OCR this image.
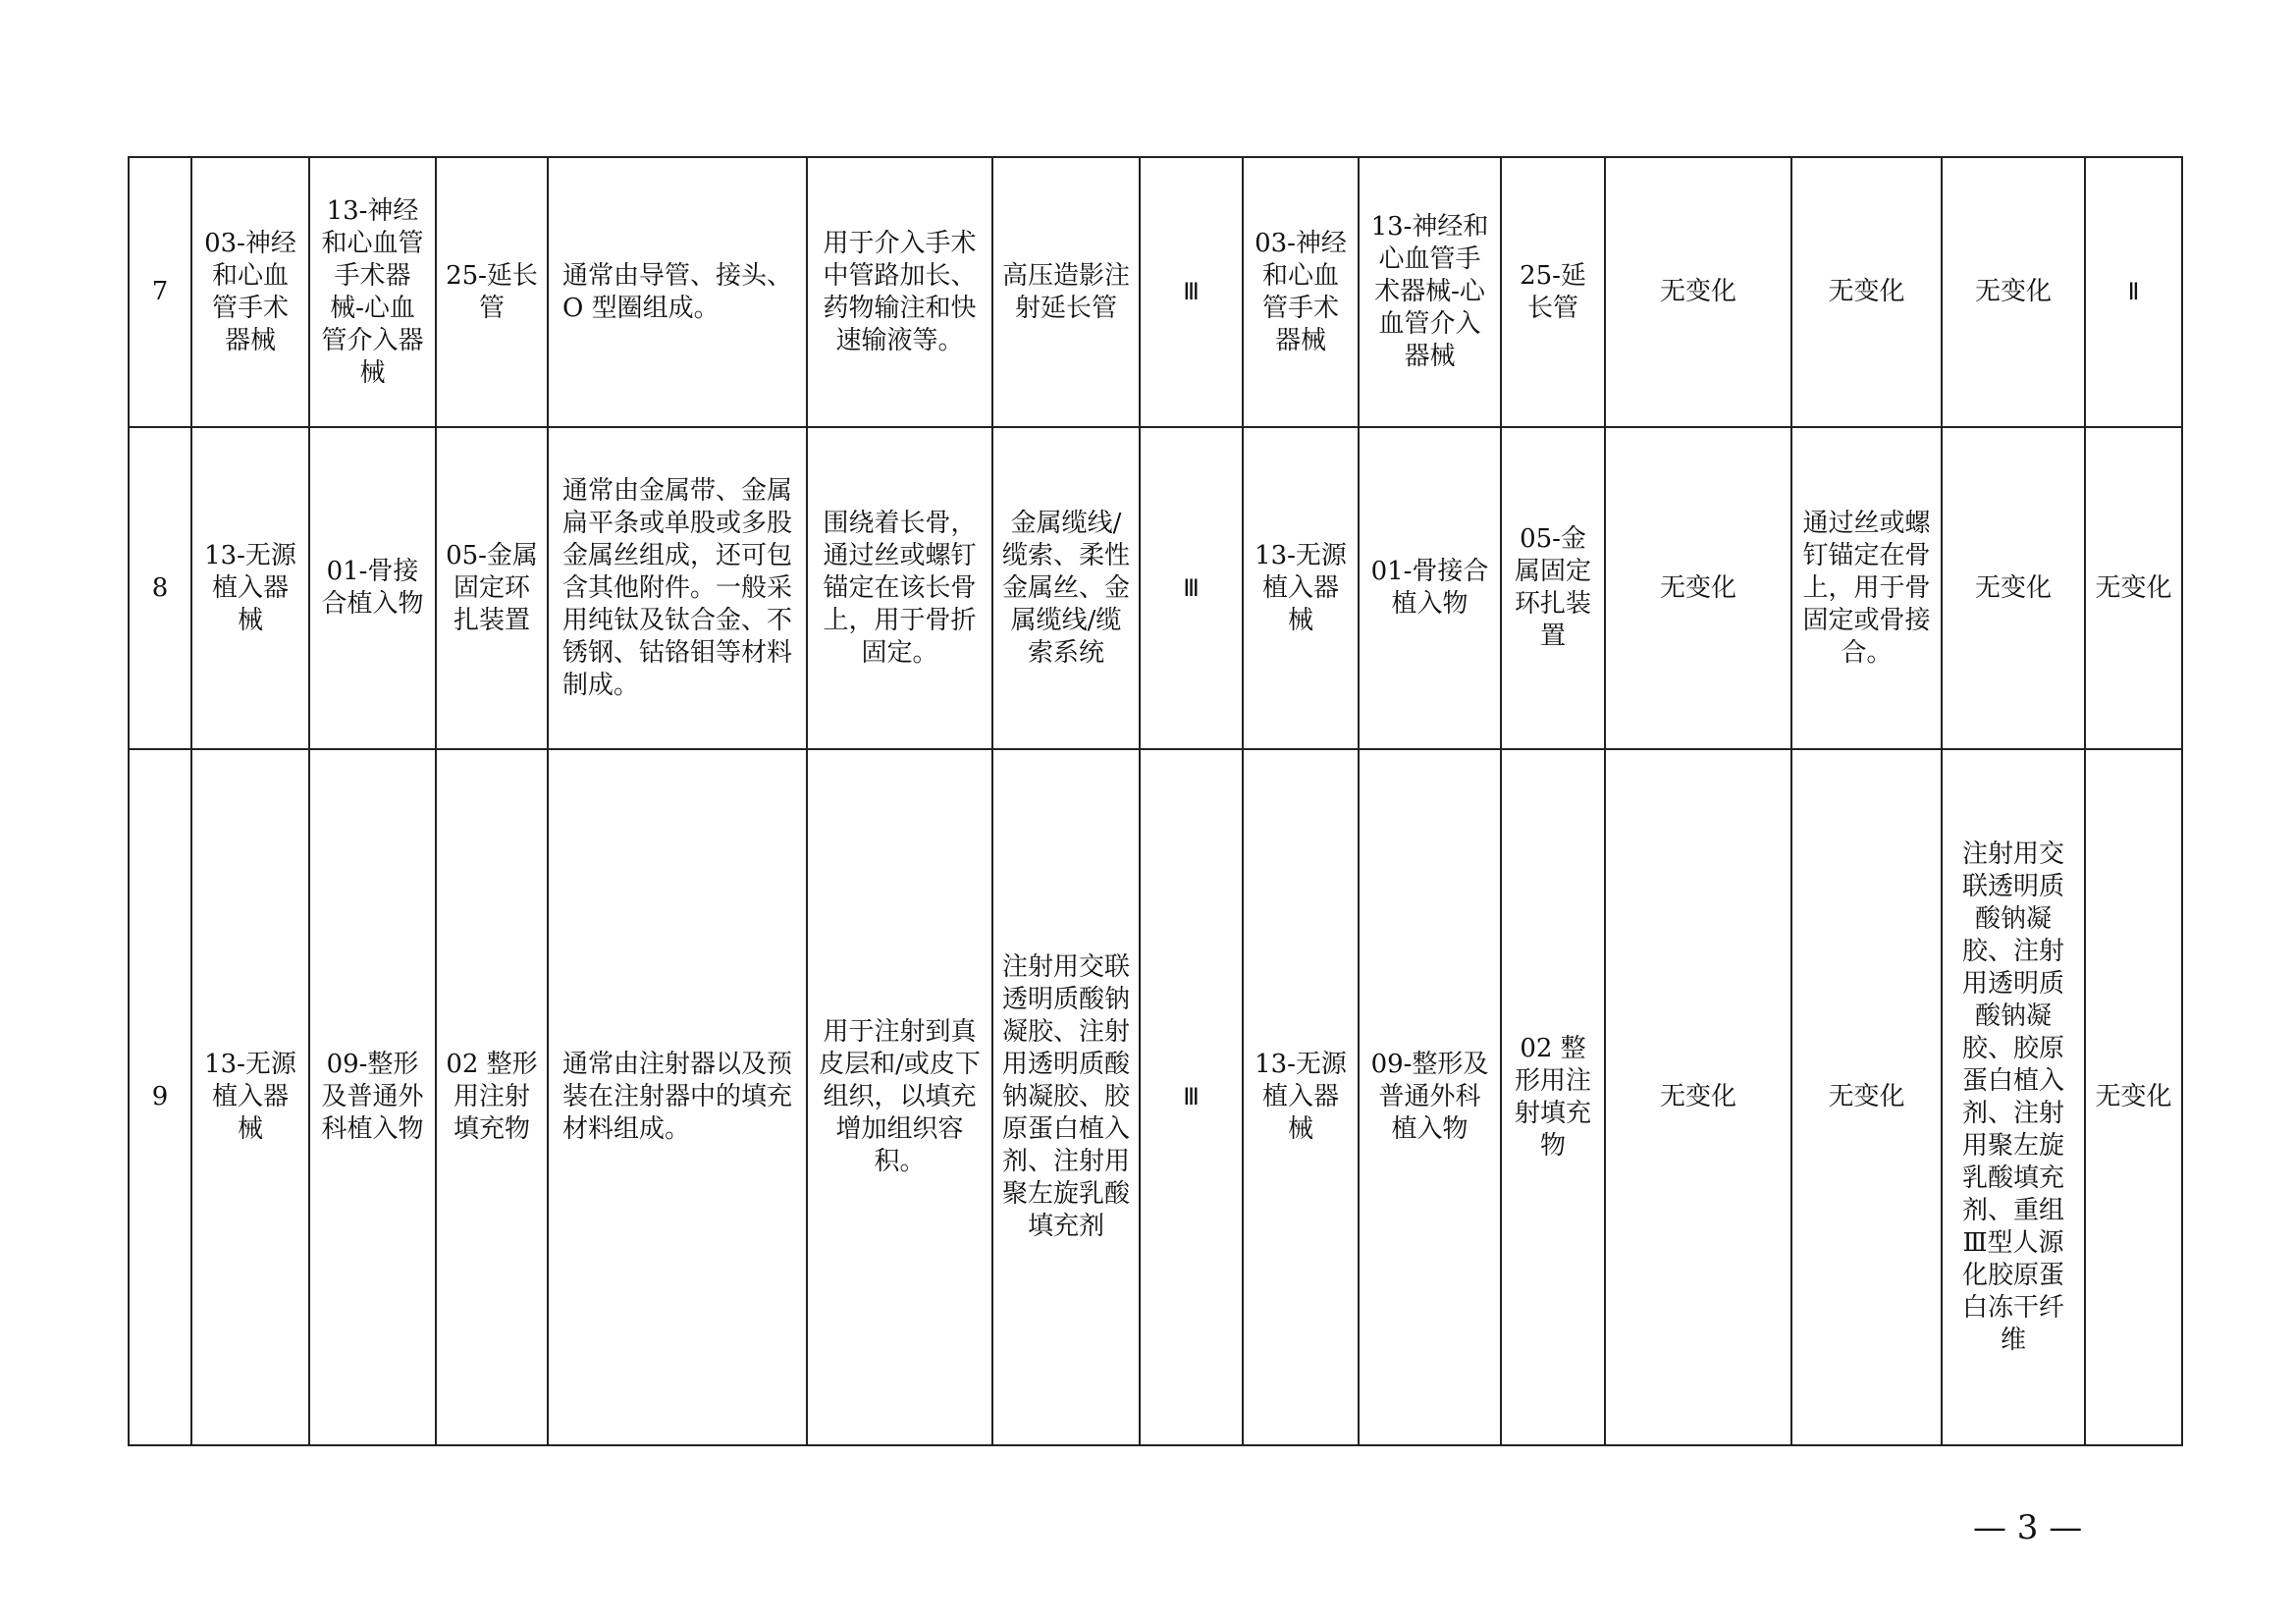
7	03-神经和心血管手术器械	13-神经和心血管手术器械-心血管介入器械	25-延长管	通常由导管、接头、O 型圈组成。	用于介入手术中管路加长、药物输注和快速输液等。	高压造影注射延长管	Ⅲ	03-神经和心血管手术器械	13-神经和心血管手术器械-心血管介入器械	25-延长管	无变化	无变化	无变化	Ⅱ
8	13-无源植入器械	01-骨接合植入物	05-金属固定环扎装置	通常由金属带、金属扁平条或单股或多股金属丝组成，还可包含其他附件。一般采用纯钛及钛合金、不锈钢、钴铬钼等材料制成。	围绕着长骨，通过丝或螺钉锚定在该长骨上，用于骨折固定。	金属缆线/缆索、柔性金属丝、金属缆线/缆索系统	Ⅲ	13-无源植入器械	01-骨接合植入物	05-金属固定环扎装置	无变化	通过丝或螺钉锚定在骨上，用于骨固定或骨接合。	无变化	无变化
9	13-无源植入器械	09-整形及普通外科植入物	02 整形用注射填充物	通常由注射器以及预装在注射器中的填充材料组成。	用于注射到真皮层和/或皮下组织，以填充增加组织容积。	注射用交联透明质酸钠凝胶、注射用透明质酸钠凝胶、胶原蛋白植入剂、注射用聚左旋乳酸填充剂	Ⅲ	13-无源植入器械	09-整形及普通外科植入物	02 整形用注射填充物	无变化	无变化	注射用交联透明质酸钠凝胶、注射用透明质酸钠凝胶、胶原蛋白植入剂、注射用聚左旋乳酸填充剂、重组Ⅲ型人源化胶原蛋白冻干纤维	无变化
— 3 —
